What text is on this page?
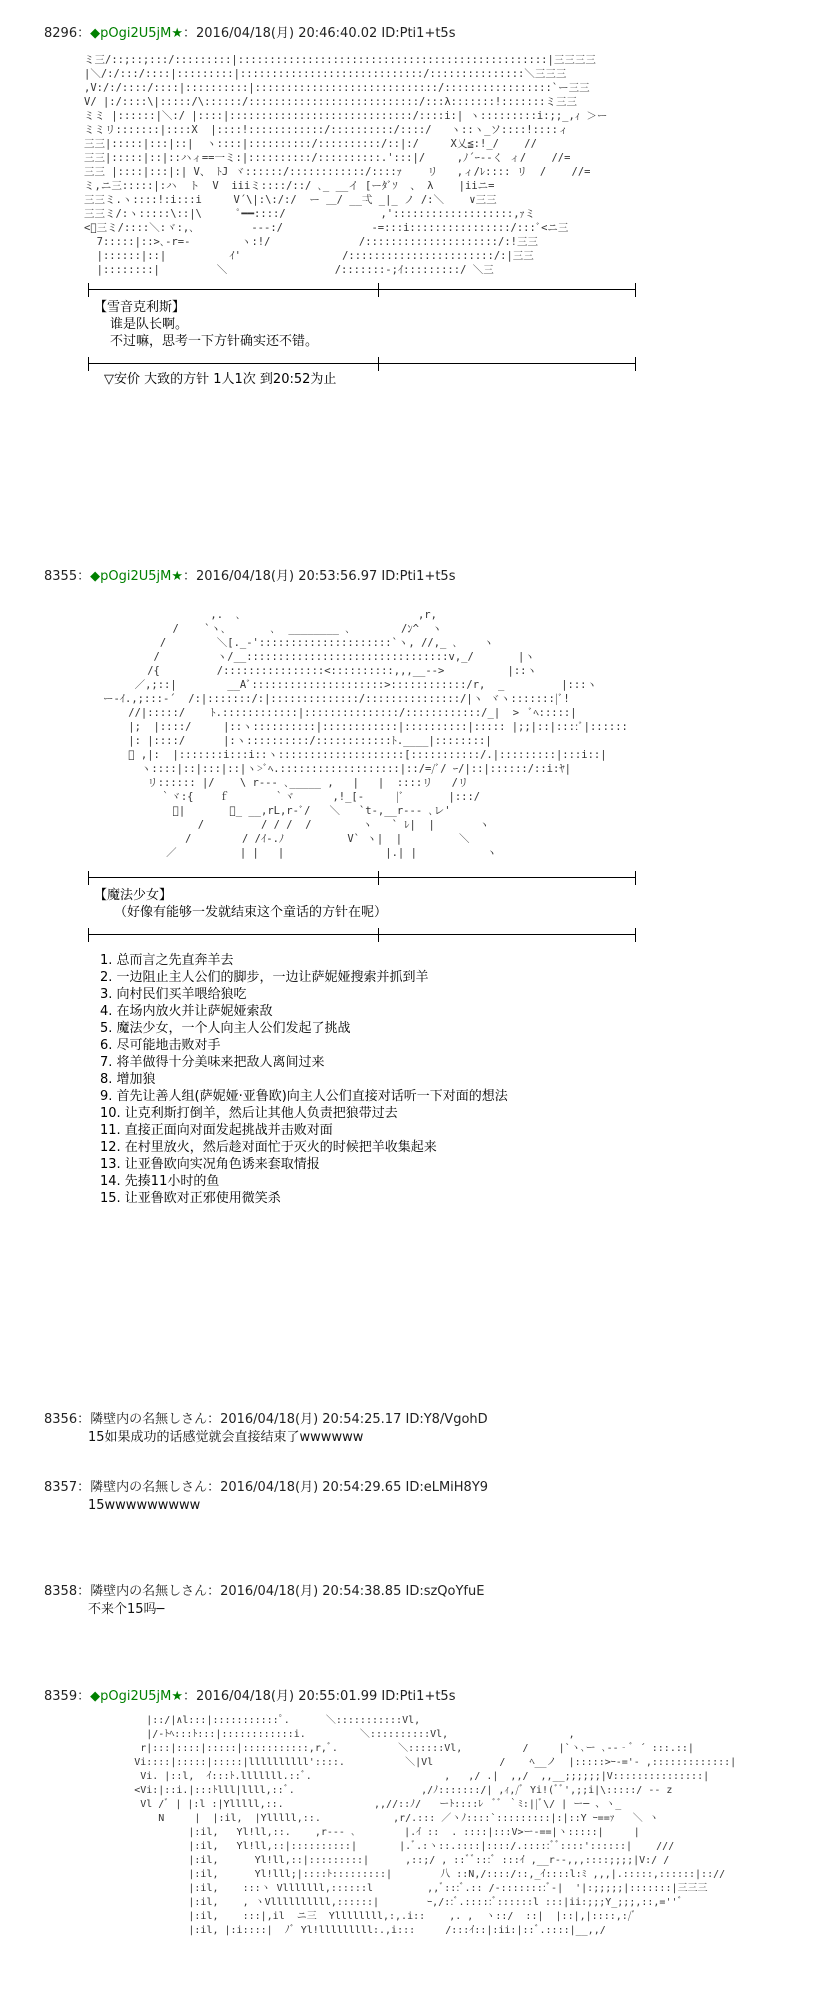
8296：◆pOgi2U5jM★：2016/04/18(月) 20:46:40.02 ID:Pti1+t5s
ミ三/::;::;:::/:::::::::|:::::::::::::::::::::::::::::::::::::::::::::::::|三三三三
|＼/:/:::/::::|:::::::::|:::::::::::::::::::::::::::::/:::::::::::::::＼三三三
,V:/:/::::/::::|::::::::::|:::::::::::::::::::::::::::::/:::::::::::::::::`ー三三
V/ |:/::::\|:::::/\::::::/:::::::::::::::::::::::::::/:::λ:::::::!:::::::ミ三三
ミミ |::::::|＼:/ |::::|:::::::::::::::::::::::::::::/::::i:| ヽ:::::::::i:;;_,ｨ ＞ー
ミミリ:::::::|::::X  |::::!::::::::::::/::::::::::/::::/   ヽ::ヽ_ソ::::!::::ィ
三三|:::::|:::|::|  ヽ::::|::::::::::/::::::::::/::|:/     X乂≦:!_/    //
三三|:::::|::|::ハィ==一ミ:|::::::::::/::::::::::.':::|/     ,ﾉ´ｰ‐-く ィ/    //=
三三 |::::|:::|:| V、 ﾄJ ヾ::::::/::::::::::::/::::ｧ    リ   ,ィ/ﾚ:::: リ  /    //=
ミ,ニ三:::::|:ハ  ト  V  iiiミ::::/::/ ､_ __イ [ーﾀﾞｿ  、 λ    |iiニ=
三三ミ.ヽ::::!:i:::i     V´\|:\:/:/  ー ＿/ __弌 _|_ ノ /:＼    ∨三三
三三ミ/:ヽ:::::\::|\      ﾟ━━::::/               ,':::::::::::::::::::,ｧミ
<ﾞ三ミ/::::＼:ヾ:,､         ‐‐‐:/              -=:::i::::::::::::::::/:::ﾞ<ニ三
7:::::|::>､-r=-        ヽ:!/              /:::::::::::::::::::::/:!三三
|::::::|::|          ｲ'                /:::::::::::::::::::::::/:|三三
|::::::::|         ＼                 /:::::::-;ｲ:::::::::/ ＼三
【雪音克利斯】
谁是队长啊。
不过嘛，思考一下方针确实还不错。
▽安价 大致的方针 1人1次 到20:52为止
8355：◆pOgi2U5jM★：2016/04/18(月) 20:53:56.97 ID:Pti1+t5s
,.  ､                            ,r,
/    `ヽ､       ､  ________ ､        /ﾝ^  ヽ
/        ＼[._-':::::::::::::::::::::`ヽ, //,_ ､    ヽ
/         ヽ/__::::::::::::::::::::::::::::::::v,_/       |ヽ
/{         /::::::::::::::::<::::::::::,,,__-->          |::ヽ
／,;::|        __Aﾞ:::::::::::::::::::::>::::::::::::/r,  _         |:::ヽ
ー‐ｲ.,;:::-´  /:|:::::::/:|::::::::::::::/:::::::::::::::/|ヽ ヾヽ:::::::|ﾞ!
//|:::::/    ﾄ.::::::::::::|:::::::::::::::/::::::::::::/_|  >  ﾞﾍ:::::|
|;  |::::/     |::ヽ::::::::::|::::::::::::|::::::::::|::::: |;;|::|::::ﾞ|::::::
|: |::::/      |:ヽ::::::::::/::::::::::::ﾄ.____|::::::::|
ﾞ ,|:  |:::::::i:::i::ヽ::::::::::::::::::::[:::::::::::/.|:::::::::|:::i::|
ヽ::::|::|:::|::|ヽ>ﾞﾍ.:::::::::::::::::::|::/=/ﾞ/ ｰ/|::|::::::/::i:ﾔ|
リ:::::: |/    \ r--- ､_____ ,   |   |  ::::リ   /リ
｀ヾ:{    ｆ       ｀ヾ      ,!_[-     |ﾞ       |:::/
ﾞ|       ､_ __,rL,r-ﾞ/   ＼   `t-,__r--- ､レ'
/         / / /  /        ヽ   ` ﾚ|  |       ヽ
/        / /ｲ-.ﾉ          V` ヽ|  |         ＼
／          | |   |                |.| |           ヽ
【魔法少女】
（好像有能够一发就结束这个童话的方针在呢）
1. 总而言之先直奔羊去
2. 一边阻止主人公们的脚步，一边让萨妮娅搜索并抓到羊
3. 向村民们买羊喂给狼吃
4. 在场内放火并让萨妮娅索敌
5. 魔法少女，一个人向主人公们发起了挑战
6. 尽可能地击败对手
7. 将羊做得十分美味来把敌人离间过来
8. 增加狼
9. 首先让善人组(萨妮娅·亚鲁欧)向主人公们直接对话听一下对面的想法
10. 让克利斯打倒羊，然后让其他人负责把狼带过去
11. 直接正面向对面发起挑战并击败对面
12. 在村里放火，然后趁对面忙于灭火的时候把羊收集起来
13. 让亚鲁欧向实况角色诱来套取情报
14. 先揍11小时的鱼
15. 让亚鲁欧对正邪使用微笑杀
8356：隣壁内の名無しさん：2016/04/18(月) 20:54:25.17 ID:Y8/VgohD
15如果成功的话感觉就会直接结束了wwwwww
8357：隣壁内の名無しさん：2016/04/18(月) 20:54:29.65 ID:eLMiH8Y9
15wwwwwwwww
8358：隣壁内の名無しさん：2016/04/18(月) 20:54:38.85 ID:szQoYfuE
不来个15吗─
8359：◆pOgi2U5jM★：2016/04/18(月) 20:55:01.99 ID:Pti1+t5s
|::/|∧l:::|:::::::::::ﾟ.      ＼:::::::::::Vl,
|/-ﾄﾍ:::ﾄ:::|::::::::::::i.         ＼::::::::::Vl,                    ,
r|:::|::::|:::::|:::::::::::,r,ﾞ.          ＼::::::Vl,          /     |`ヽ､ー ､‐-‐ﾞ ´ :::.::|
Vi::::|:::::|:::::|llllllllll'::::.          ＼|Vl           /    ﾍ__ノ  |:::::>ｰ-='- ,:::::::::::::|
Vi. |::l,  ｲ:::ﾄ.lllllll.::ﾞ.                      ,   ,/ .|  ,,/  ,,__;;;;;;|V:::::::::::::::|
<Vi:|::i.|:::ﾄlll|llll,::ﾞ.                     ,/ﾉ:::::::/| ,ｨ,/ﾞ Yi!(ﾞﾞ',;;i|\:::::/ -- z
Vl /ﾞ | |:l :|Ylllll,::.               ,,//::ﾉ/   ーﾄ::::ﾚ  ﾞﾞ ｀ﾐ:||ﾞ\/ | ー─ 、ヽ_
N     |  |:il,  |Ylllll,::.            ,r/.::: ／ヽﾉ::::`:::::::::|:|::Y ｰ==ｧ   ＼ ヽ
|:il,   Yl!ll,::.    ,r--- ､        |.ｲ ::  . ::::|:::V>ー-==|ヽ:::::|     |
|:il,   Yl!ll,::|::::::::::|       |.ﾞ.:ヽ::.::::|::::/.:::::ﾞﾞ::::'::::::|    ///
|:il,      Yl!ll,::|:::::::::|      ,::;/ , ::ﾞﾞ:::ﾞ :::ｲ ,__r--,,,::::;;;;|V:/ /
|:il,      Yl!lll;|::::ﾄ:::::::::|        八 ::N,/::::/::,_ｲ::::l:ﾐ ,,,|.:::::,::::::|:://
|:il,    :::ヽ Vlllllll,::::::l         ,,ﾞ:::ﾞ.:: /‐::::::::ﾞ-|  '|:;;;;;|:::::::|三三三
|:il,    , ヽVllllllllll,::::::|        ｰ,/::ﾞ.:::::ﾞ::::::l :::|ii:;;;Y_;;;,::,=''ﾞ
|:il,    :::|,il  ニ三  Yllllllll,:,.i::    ,. ,  ヽ::/  ::|  |::|,|::::,:/ﾞ
|:il, |:i::::|  ﾉﾞ Yl!lllllllll:.,i:::     /:::ｲ::|:ii:|::ﾞ.::::|__,,/
